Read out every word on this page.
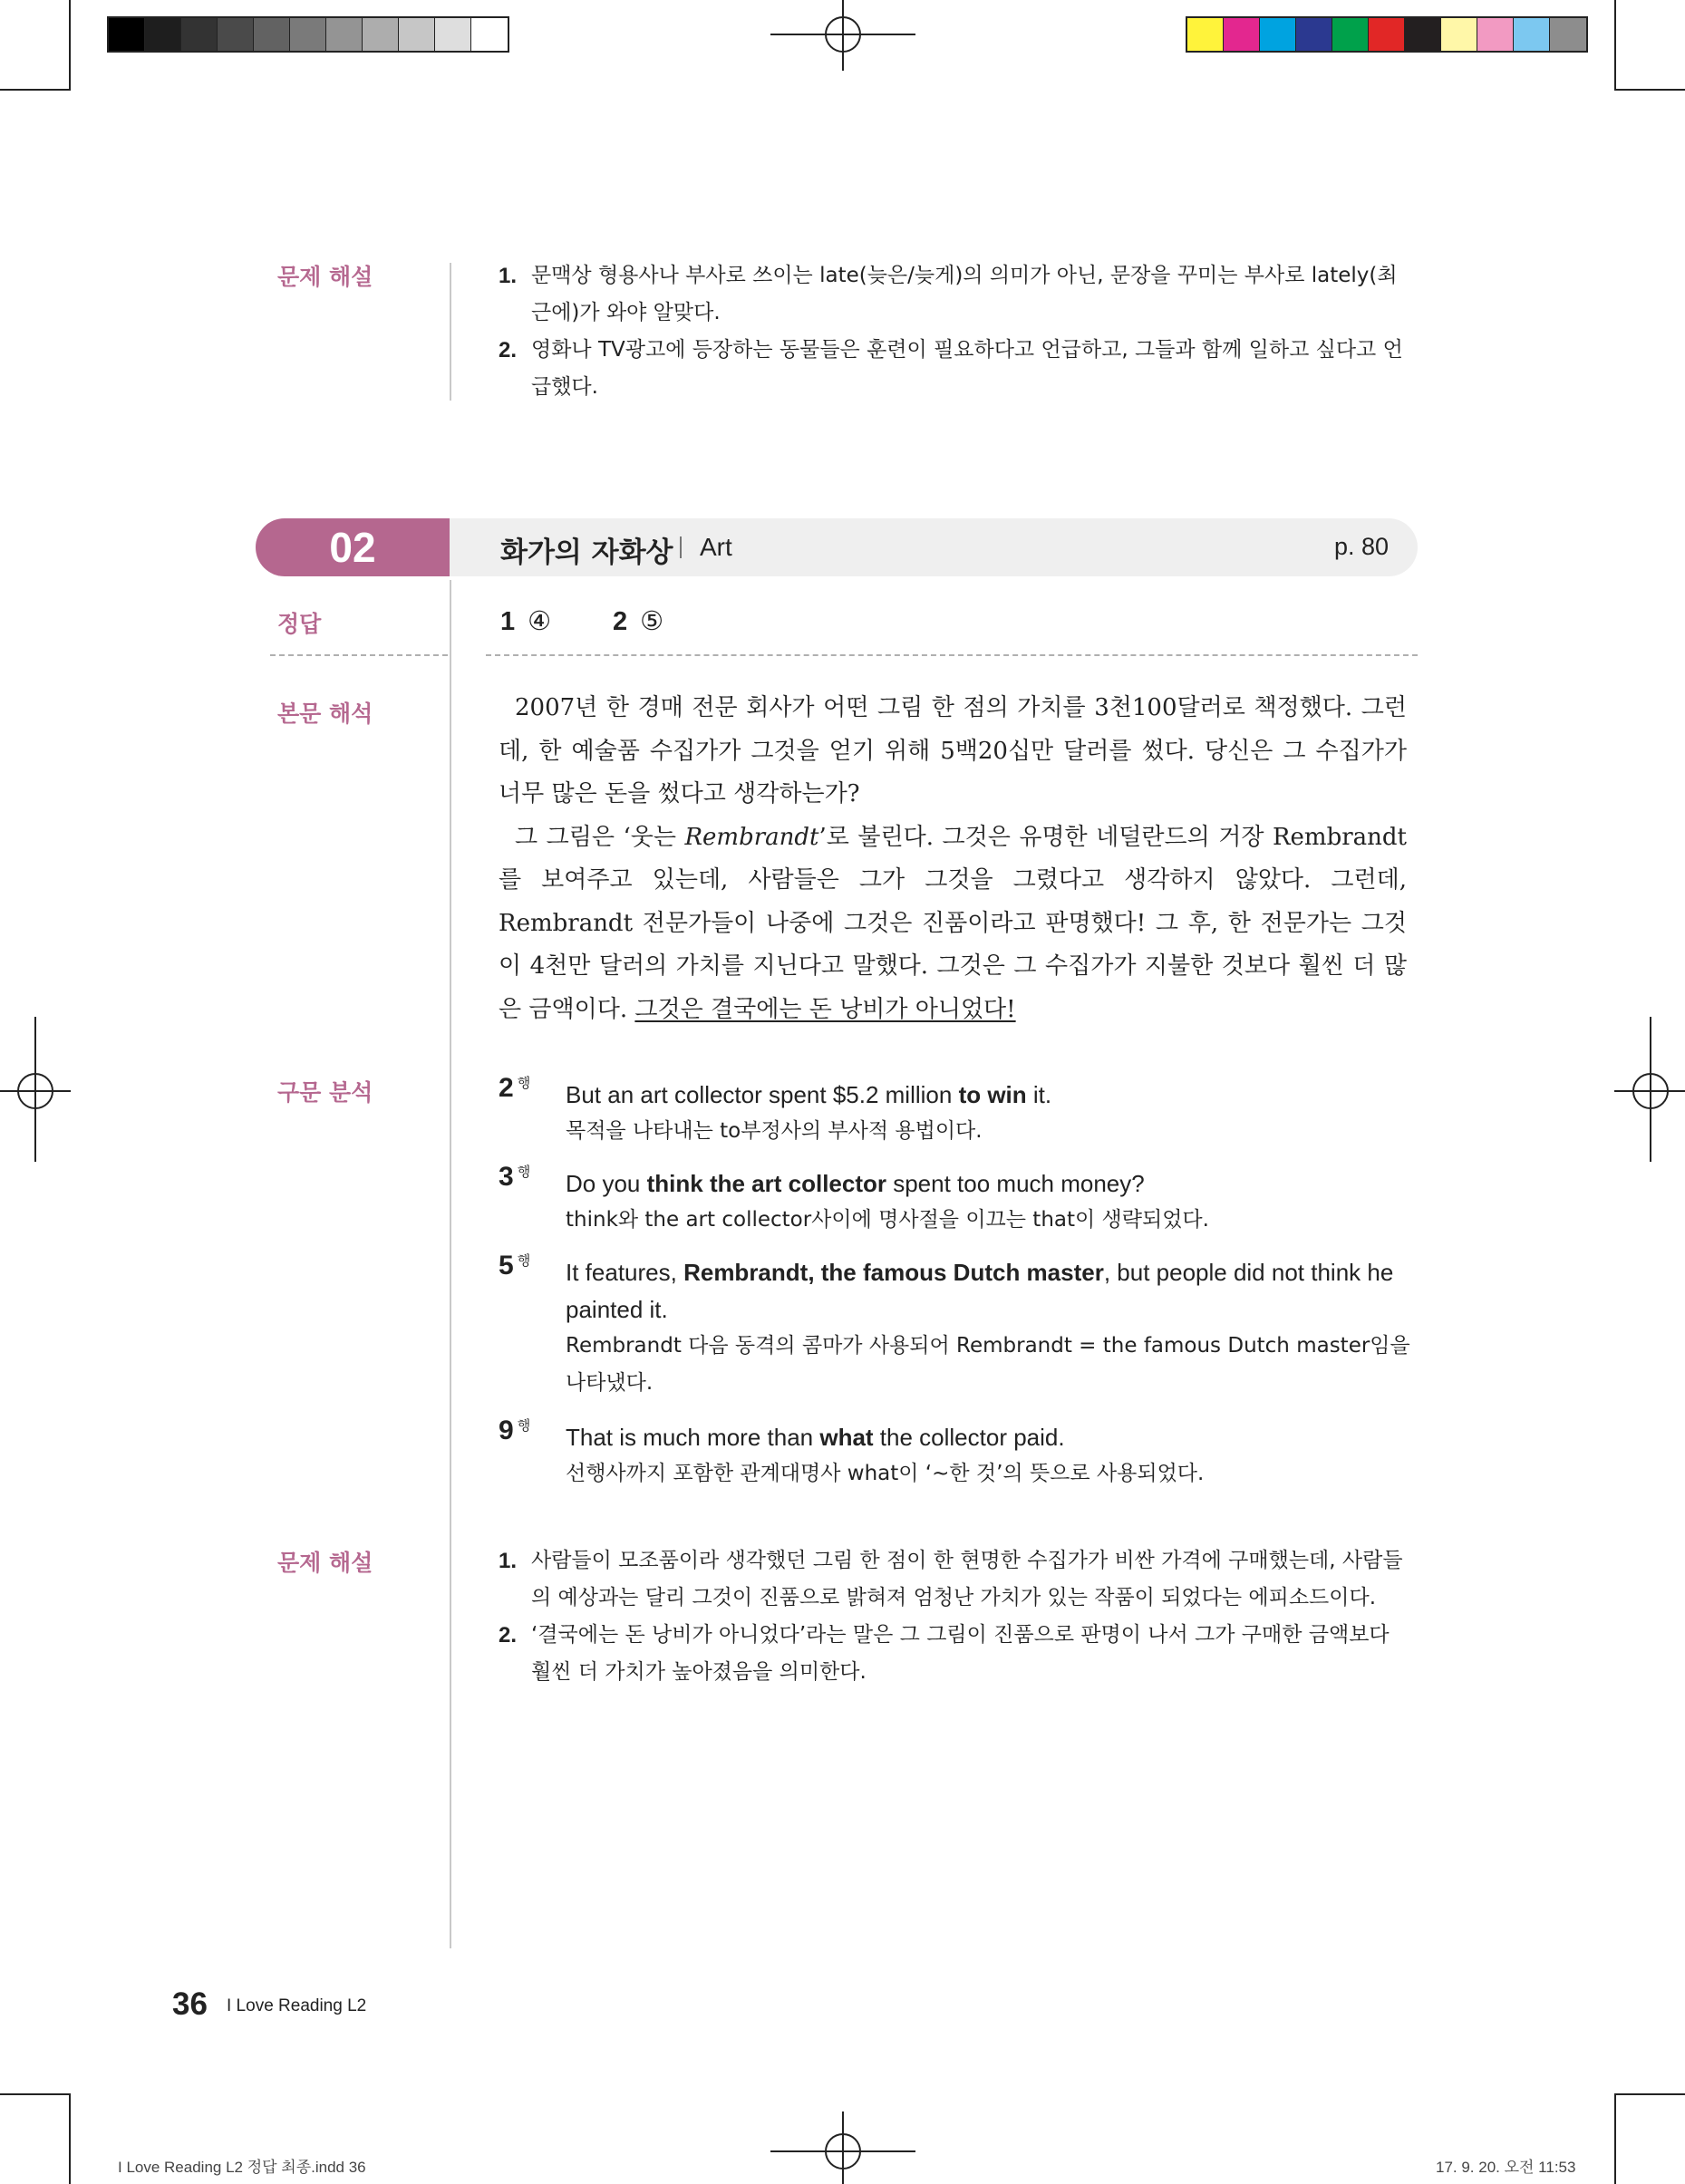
문제 해설	1. 문맥상 형용사나 부사로 쓰이는 late(늦은/늦게)의 의미가 아닌, 문장을 꾸미는 부사로 lately(최근에)가 와야 알맞다.
2. 영화나 TV광고에 등장하는 동물들은 훈련이 필요하다고 언급하고, 그들과 함께 일하고 싶다고 언급했다.
02	화가의 자화상 Art	p. 80
정답	1 ④ 2 ⑤
본문 해석	2007년 한 경매 전문 회사가 어떤 그림 한 점의 가치를 3천100달러로 책정했다. 그런데, 한 예술품 수집가가 그것을 얻기 위해 5백20십만 달러를 썼다. 당신은 그 수집가가 너무 많은 돈을 썼다고 생각하는가?

그 그림은 ‘웃는 Rembrandt’로 불린다. 그것은 유명한 네덜란드의 거장 Rembrandt를 보여주고 있는데, 사람들은 그가 그것을 그렸다고 생각하지 않았다. 그런데, Rembrandt 전문가들이 나중에 그것은 진품이라고 판명했다! 그 후, 한 전문가는 그것이 4천만 달러의 가치를 지닌다고 말했다. 그것은 그 수집가가 지불한 것보다 훨씬 더 많은 금액이다. 그것은 결국에는 돈 낭비가 아니었다!

구문 분석	2 $^행$ But an art collector spent $5.2 million to win it.
목적을 나타내는 to부정사의 부사적 용법이다.
3 $^행$ Do you think the art collector spent too much money?
think와 the art collector사이에 명사절을 이끄는 that이 생략되었다.
5 $^행$ It features, Rembrandt, the famous Dutch master, but people did not think he painted it.
Rembrandt 다음 동격의 콤마가 사용되어 Rembrandt = the famous Dutch master임을 나타냈다.
9 $^행$ That is much more than what the collector paid.
선행사까지 포함한 관계대명사 what이 ‘~한 것’의 뜻으로 사용되었다.
문제 해설	1. 사람들이 모조품이라 생각했던 그림 한 점이 한 현명한 수집가가 비싼 가격에 구매했는데, 사람들의 예상과는 달리 그것이 진품으로 밝혀져 엄청난 가치가 있는 작품이 되었다는 에피소드이다.
2. ‘결국에는 돈 낭비가 아니었다’라는 말은 그 그림이 진품으로 판명이 나서 그가 구매한 금액보다 훨씬 더 가치가 높아졌음을 의미한다.
36 I Love Reading L2
I Love Reading L2 정답 최종.indd 36	17. 9. 20. 오전 11:53
